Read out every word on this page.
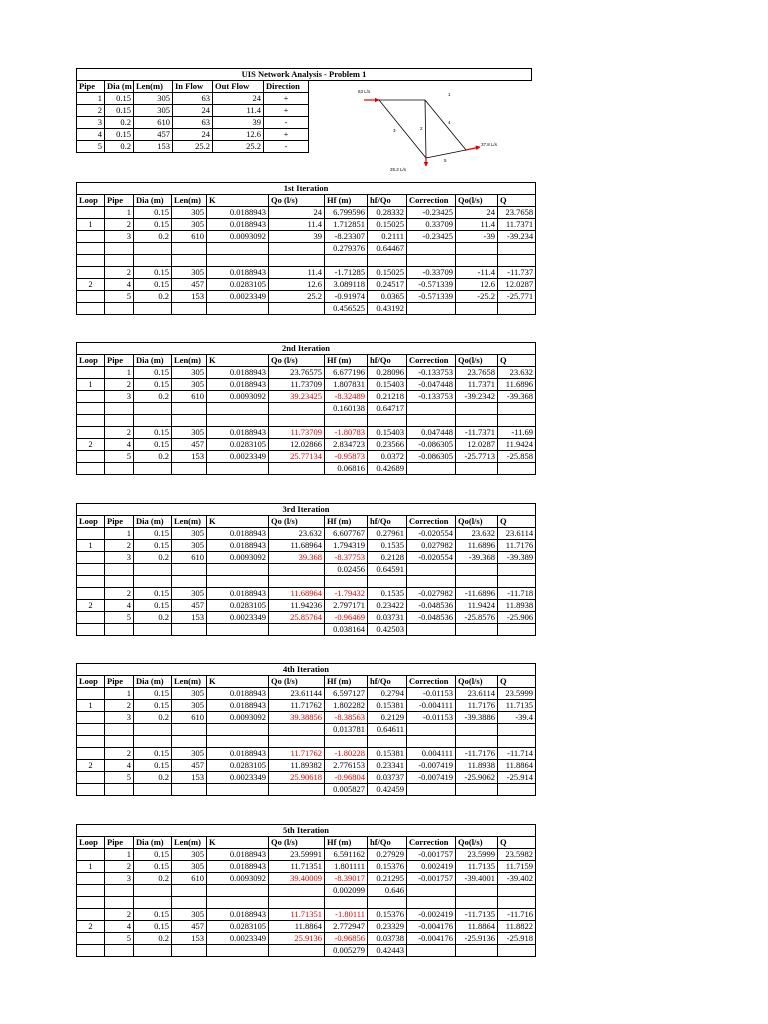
UIS Network Analysis - Problem 1						
Pipe	Dia (m	Len(m)	In Flow	Out Flow	Direction	
1	0.15	305	63	24	+	
2	0.15	305	24	11.4	+	
3	0.2	610	63	39	-	
4	0.15	457	24	12.6	+	
5	0.2	153	25.2	25.2	-	
63 L/s
37.8 L/s
25.2 L/s
1
2
3
4
5
1st Iteration										
Loop	Pipe	Dia (m)	Len(m)	K	Qo (l/s)	Hf (m)	hf/Qo	Correction	Qo(l/s)	Q
	1	0.15	305	0.0188943	24	6.799596	0.28332	-0.23425	24	23.7658
1	2	0.15	305	0.0188943	11.4	1.712851	0.15025	0.33709	11.4	11.7371
	3	0.2	610	0.0093092	39	-8.23307	0.2111	-0.23425	-39	-39.234
						0.279376	0.64467			

	2	0.15	305	0.0188943	11.4	-1.71285	0.15025	-0.33709	-11.4	-11.737
2	4	0.15	457	0.0283105	12.6	3.089118	0.24517	-0.571339	12.6	12.0287
	5	0.2	153	0.0023349	25.2	-0.91974	0.0365	-0.571339	-25.2	-25.771
						0.456525	0.43192			
2nd Iteration										
Loop	Pipe	Dia (m)	Len(m)	K	Qo (l/s)	Hf (m)	hf/Qo	Correction	Qo(l/s)	Q
	1	0.15	305	0.0188943	23.76575	6.677196	0.28096	-0.133753	23.7658	23.632
1	2	0.15	305	0.0188943	11.73709	1.807831	0.15403	-0.047448	11.7371	11.6896
	3	0.2	610	0.0093092	39.23425	-8.32489	0.21218	-0.133753	-39.2342	-39.368
						0.160138	0.64717			

	2	0.15	305	0.0188943	11.73709	-1.80783	0.15403	0.047448	-11.7371	-11.69
2	4	0.15	457	0.0283105	12.02866	2.834723	0.23566	-0.086305	12.0287	11.9424
	5	0.2	153	0.0023349	25.77134	-0.95873	0.0372	-0.086305	-25.7713	-25.858
						0.06816	0.42689			
3rd Iteration										
Loop	Pipe	Dia (m)	Len(m)	K	Qo (l/s)	Hf (m)	hf/Qo	Correction	Qo(l/s)	Q
	1	0.15	305	0.0188943	23.632	6.607767	0.27961	-0.020554	23.632	23.6114
1	2	0.15	305	0.0188943	11.68964	1.794319	0.1535	0.027982	11.6896	11.7176
	3	0.2	610	0.0093092	39.368	-8.37753	0.2128	-0.020554	-39.368	-39.389
						0.02456	0.64591			

	2	0.15	305	0.0188943	11.68964	-1.79432	0.1535	-0.027982	-11.6896	-11.718
2	4	0.15	457	0.0283105	11.94236	2.797171	0.23422	-0.048536	11.9424	11.8938
	5	0.2	153	0.0023349	25.85764	-0.96469	0.03731	-0.048536	-25.8576	-25.906
						0.038164	0.42503			
4th Iteration										
Loop	Pipe	Dia (m)	Len(m)	K	Qo (l/s)	Hf (m)	hf/Qo	Correction	Qo(l/s)	Q
	1	0.15	305	0.0188943	23.61144	6.597127	0.2794	-0.01153	23.6114	23.5999
1	2	0.15	305	0.0188943	11.71762	1.802282	0.15381	-0.004111	11.7176	11.7135
	3	0.2	610	0.0093092	39.38856	-8.38563	0.2129	-0.01153	-39.3886	-39.4
						0.013781	0.64611			

	2	0.15	305	0.0188943	11.71762	-1.80228	0.15381	0.004111	-11.7176	-11.714
2	4	0.15	457	0.0283105	11.89382	2.776153	0.23341	-0.007419	11.8938	11.8864
	5	0.2	153	0.0023349	25.90618	-0.96804	0.03737	-0.007419	-25.9062	-25.914
						0.005827	0.42459			
5th Iteration										
Loop	Pipe	Dia (m)	Len(m)	K	Qo (l/s)	Hf (m)	hf/Qo	Correction	Qo(l/s)	Q
	1	0.15	305	0.0188943	23.59991	6.591162	0.27929	-0.001757	23.5999	23.5982
1	2	0.15	305	0.0188943	11.71351	1.801111	0.15376	0.002419	11.7135	11.7159
	3	0.2	610	0.0093092	39.40009	-8.39017	0.21295	-0.001757	-39.4001	-39.402
						0.002099	0.646			

	2	0.15	305	0.0188943	11.71351	-1.80111	0.15376	-0.002419	-11.7135	-11.716
2	4	0.15	457	0.0283105	11.8864	2.772947	0.23329	-0.004176	11.8864	11.8822
	5	0.2	153	0.0023349	25.9136	-0.96856	0.03738	-0.004176	-25.9136	-25.918
						0.005279	0.42443			
